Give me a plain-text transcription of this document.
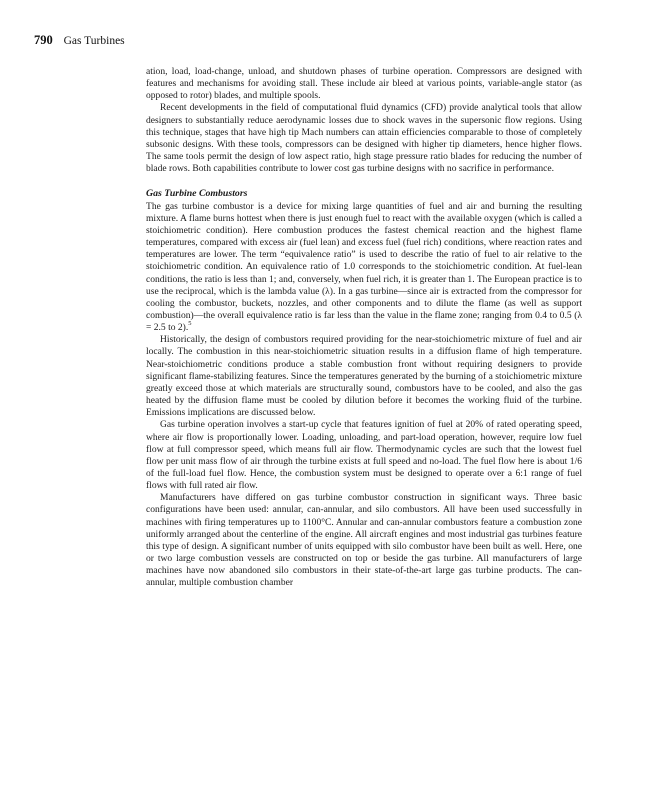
790 Gas Turbines

ation, load, load-change, unload, and shutdown phases of turbine operation. Compressors are designed with features and mechanisms for avoiding stall. These include air bleed at various points, variable-angle stator (as opposed to rotor) blades, and multiple spools.

Recent developments in the field of computational fluid dynamics (CFD) provide analytical tools that allow designers to substantially reduce aerodynamic losses due to shock waves in the supersonic flow regions. Using this technique, stages that have high tip Mach numbers can attain efficiencies comparable to those of completely subsonic designs. With these tools, compressors can be designed with higher tip diameters, hence higher flows. The same tools permit the design of low aspect ratio, high stage pressure ratio blades for reducing the number of blade rows. Both capabilities contribute to lower cost gas turbine designs with no sacrifice in performance.

Gas Turbine Combustors

The gas turbine combustor is a device for mixing large quantities of fuel and air and burning the resulting mixture. A flame burns hottest when there is just enough fuel to react with the available oxygen (which is called a stoichiometric condition). Here combustion produces the fastest chemical reaction and the highest flame temperatures, compared with excess air (fuel lean) and excess fuel (fuel rich) conditions, where reaction rates and temperatures are lower. The term “equivalence ratio” is used to describe the ratio of fuel to air relative to the stoichiometric condition. An equivalence ratio of 1.0 corresponds to the stoichiometric condition. At fuel-lean conditions, the ratio is less than 1; and, conversely, when fuel rich, it is greater than 1. The European practice is to use the reciprocal, which is the lambda value (λ). In a gas turbine—since air is extracted from the compressor for cooling the combustor, buckets, nozzles, and other components and to dilute the flame (as well as support combustion)—the overall equivalence ratio is far less than the value in the flame zone; ranging from 0.4 to 0.5 (λ = 2.5 to 2).$^5$

Historically, the design of combustors required providing for the near-stoichiometric mixture of fuel and air locally. The combustion in this near-stoichiometric situation results in a diffusion flame of high temperature. Near-stoichiometric conditions produce a stable combustion front without requiring designers to provide significant flame-stabilizing features. Since the temperatures generated by the burning of a stoichiometric mixture greatly exceed those at which materials are structurally sound, combustors have to be cooled, and also the gas heated by the diffusion flame must be cooled by dilution before it becomes the working fluid of the turbine. Emissions implications are discussed below.

Gas turbine operation involves a start-up cycle that features ignition of fuel at 20% of rated operating speed, where air flow is proportionally lower. Loading, unloading, and part-load operation, however, require low fuel flow at full compressor speed, which means full air flow. Thermodynamic cycles are such that the lowest fuel flow per unit mass flow of air through the turbine exists at full speed and no-load. The fuel flow here is about 1/6 of the full-load fuel flow. Hence, the combustion system must be designed to operate over a 6:1 range of fuel flows with full rated air flow.

Manufacturers have differed on gas turbine combustor construction in significant ways. Three basic configurations have been used: annular, can-annular, and silo combustors. All have been used successfully in machines with firing temperatures up to 1100°C. Annular and can-annular combustors feature a combustion zone uniformly arranged about the centerline of the engine. All aircraft engines and most industrial gas turbines feature this type of design. A significant number of units equipped with silo combustor have been built as well. Here, one or two large combustion vessels are constructed on top or beside the gas turbine. All manufacturers of large machines have now abandoned silo combustors in their state-of-the-art large gas turbine products. The can-annular, multiple combustion chamber
